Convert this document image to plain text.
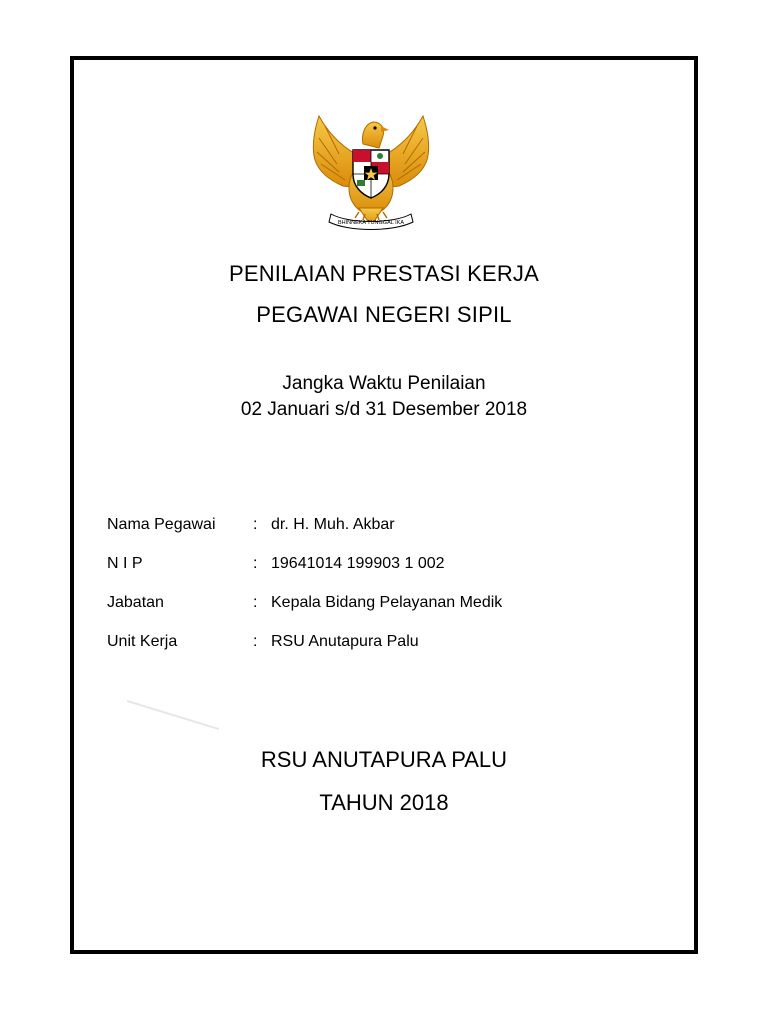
BHINNEKA TUNGGAL IKA
PENILAIAN PRESTASI KERJA
PEGAWAI NEGERI SIPIL
Jangka Waktu Penilaian
02 Januari s/d 31 Desember 2018
Nama Pegawai : dr. H. Muh. Akbar
N I P	: 19641014 199903 1 002
Jabatan	: Kepala Bidang Pelayanan Medik
Unit Kerja	: RSU Anutapura Palu
RSU ANUTAPURA PALU
TAHUN 2018
